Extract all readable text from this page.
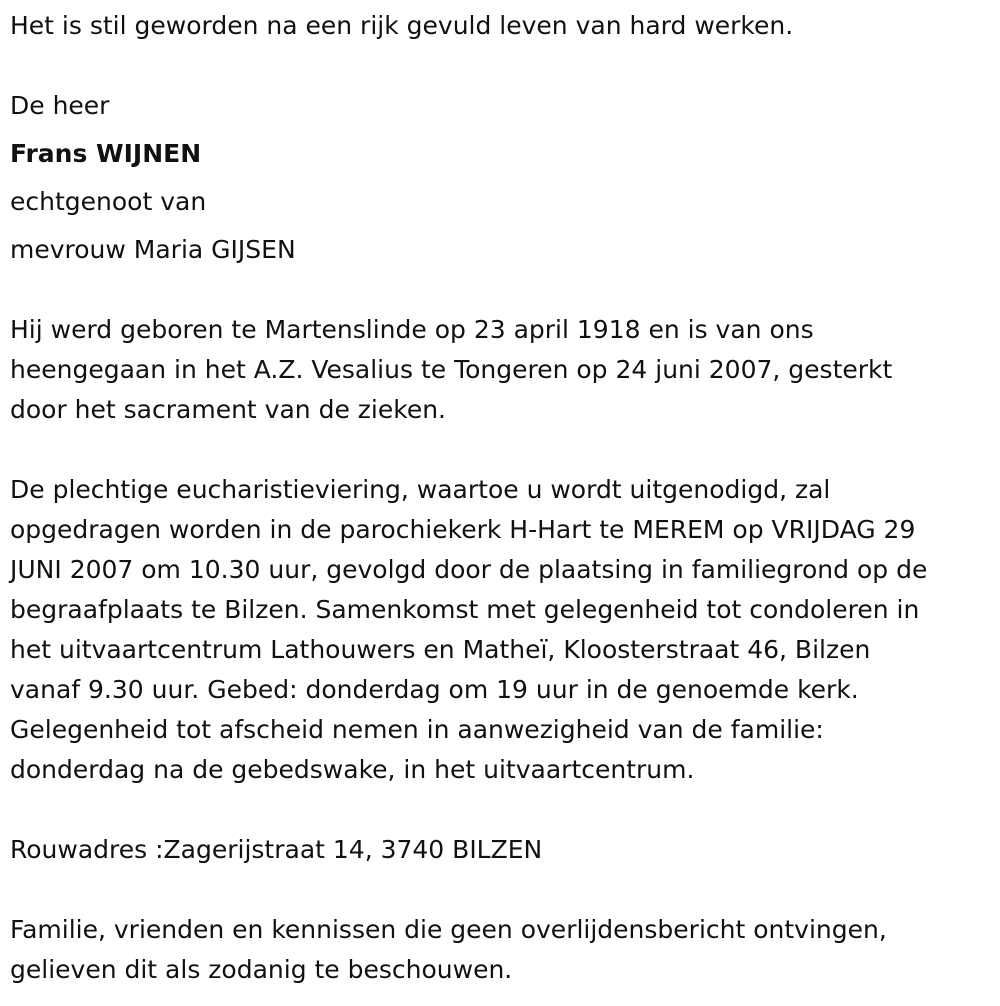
Het is stil geworden na een rijk gevuld leven van hard werken.

De heer

Frans WIJNEN

echtgenoot van

mevrouw Maria GIJSEN

Hij werd geboren te Martenslinde op 23 april 1918 en is van ons

heengegaan in het A.Z. Vesalius te Tongeren op 24 juni 2007, gesterkt

door het sacrament van de zieken.

De plechtige eucharistieviering, waartoe u wordt uitgenodigd, zal

opgedragen worden in de parochiekerk H-Hart te MEREM op VRIJDAG 29

JUNI 2007 om 10.30 uur, gevolgd door de plaatsing in familiegrond op de

begraafplaats te Bilzen. Samenkomst met gelegenheid tot condoleren in

het uitvaartcentrum Lathouwers en Matheï, Kloosterstraat 46, Bilzen

vanaf 9.30 uur. Gebed: donderdag om 19 uur in de genoemde kerk.

Gelegenheid tot afscheid nemen in aanwezigheid van de familie:

donderdag na de gebedswake, in het uitvaartcentrum.

Rouwadres :Zagerijstraat 14, 3740 BILZEN

Familie, vrienden en kennissen die geen overlijdensbericht ontvingen,

gelieven dit als zodanig te beschouwen.
